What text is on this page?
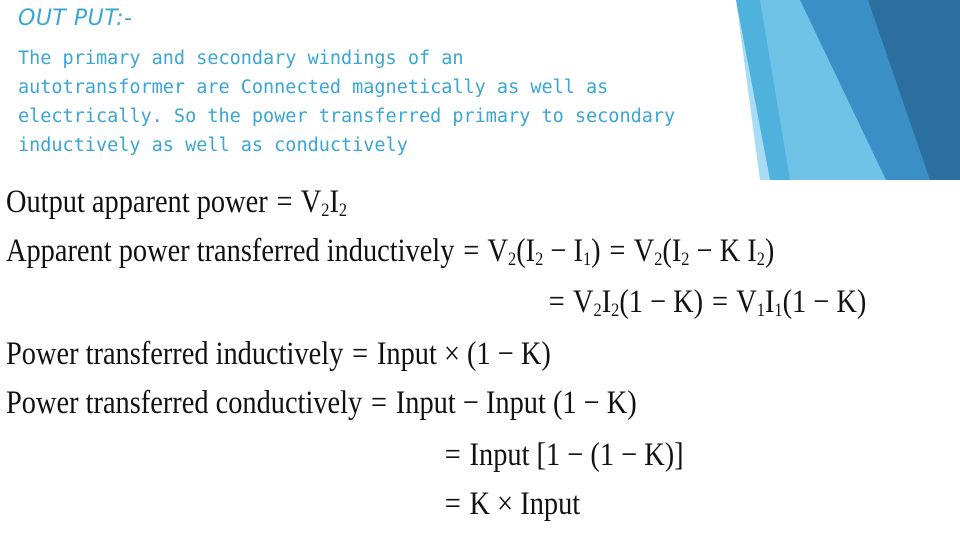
OUT PUT:-
The primary and secondary windings of an
autotransformer are Connected magnetically as well as
electrically. So the power transferred primary to secondary
inductively as well as conductively
Output apparent power = $V_2I_2$
Apparent power transferred inductively = $V_2(I_2 - I_1) = V_2(I_2 - K$ $I_2$)
= $V_2I_2(1 - K) = V_1I_1(1 - K)$
Power transferred inductively = Input × (1 − K)
Power transferred conductively = Input − Input (1 − K)
= Input [1 − (1 − K)]
= K × Input
